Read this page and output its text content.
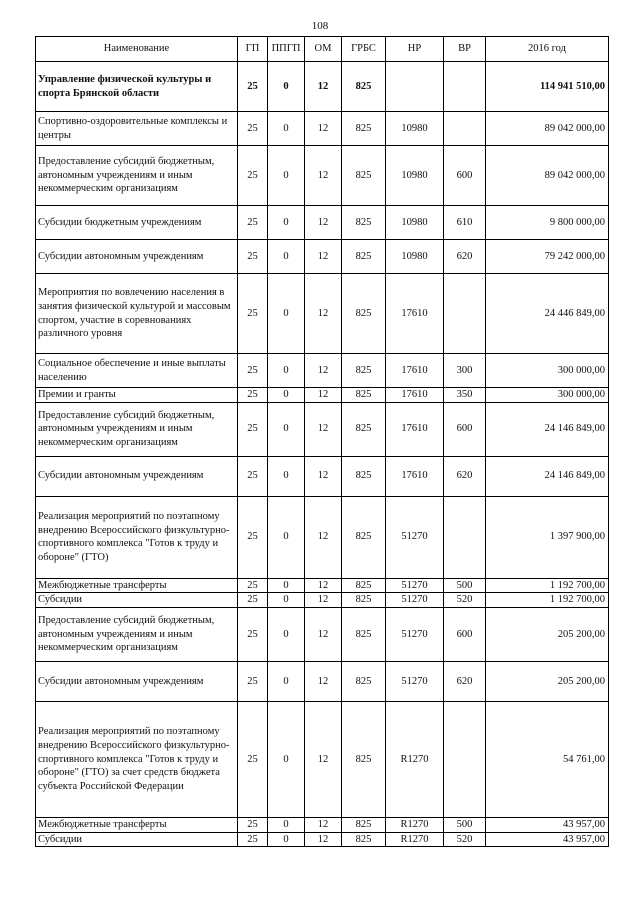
108
Наименование	ГП	ППГП	ОМ	ГРБС	НР	ВР	2016 год
Управление физической культуры и спорта Брянской области	25	0	12	825			114 941 510,00
Спортивно-оздоровительные комплексы и центры	25	0	12	825	10980		89 042 000,00
Предоставление субсидий бюджетным, автономным учреждениям и иным некоммерческим организациям	25	0	12	825	10980	600	89 042 000,00
Субсидии бюджетным учреждениям	25	0	12	825	10980	610	9 800 000,00
Субсидии автономным учреждениям	25	0	12	825	10980	620	79 242 000,00
Мероприятия по вовлечению населения в занятия физической культурой и массовым спортом, участие в соревнованиях различного уровня	25	0	12	825	17610		24 446 849,00
Социальное обеспечение и иные выплаты населению	25	0	12	825	17610	300	300 000,00
Премии и гранты	25	0	12	825	17610	350	300 000,00
Предоставление субсидий бюджетным, автономным учреждениям и иным некоммерческим организациям	25	0	12	825	17610	600	24 146 849,00
Субсидии автономным учреждениям	25	0	12	825	17610	620	24 146 849,00
Реализация мероприятий по поэтапному внедрению Всероссийского физкультурно-спортивного комплекса "Готов к труду и обороне" (ГТО)	25	0	12	825	51270		1 397 900,00
Межбюджетные трансферты	25	0	12	825	51270	500	1 192 700,00
Субсидии	25	0	12	825	51270	520	1 192 700,00
Предоставление субсидий бюджетным, автономным учреждениям и иным некоммерческим организациям	25	0	12	825	51270	600	205 200,00
Субсидии автономным учреждениям	25	0	12	825	51270	620	205 200,00
Реализация мероприятий по поэтапному внедрению Всероссийского физкультурно-спортивного комплекса "Готов к труду и обороне" (ГТО) за счет средств бюджета субъекта Российской Федерации	25	0	12	825	R1270		54 761,00
Межбюджетные трансферты	25	0	12	825	R1270	500	43 957,00
Субсидии	25	0	12	825	R1270	520	43 957,00
